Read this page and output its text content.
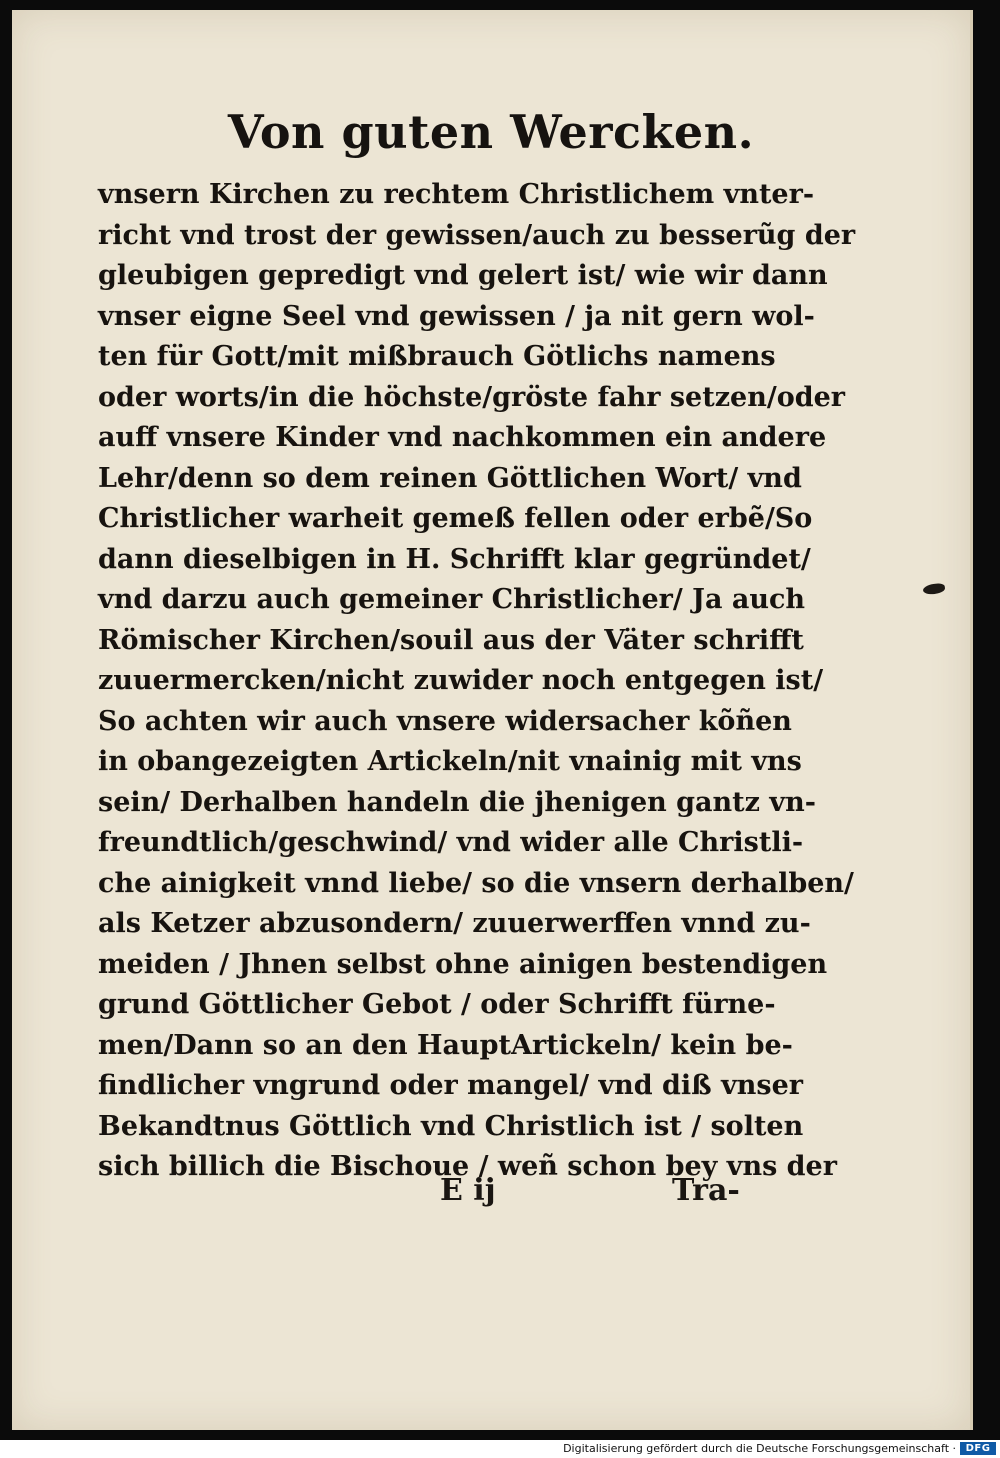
Von guten Wercken.
vnsern Kirchen zu rechtem Christlichem vnter-
richt vnd trost der gewissen/auch zu besserũg der
gleubigen gepredigt vnd gelert ist/ wie wir dann
vnser eigne Seel vnd gewissen / ja nit gern wol-
ten für Gott/mit mißbrauch Götlichs namens
oder worts/in die höchste/gröste fahr setzen/oder
auff vnsere Kinder vnd nachkommen ein andere
Lehr/denn so dem reinen Göttlichen Wort/ vnd
Christlicher warheit gemeß fellen oder erbẽ/So
dann dieselbigen in H. Schrifft klar gegründet/
vnd darzu auch gemeiner Christlicher/ Ja auch
Römischer Kirchen/souil aus der Väter schrifft
zuuermercken/nicht zuwider noch entgegen ist/
So achten wir auch vnsere widersacher kõñen
in obangezeigten Artickeln/nit vnainig mit vns
sein/ Derhalben handeln die jhenigen gantz vn-
freundtlich/geschwind/ vnd wider alle Christli-
che ainigkeit vnnd liebe/ so die vnsern derhalben/
als Ketzer abzusondern/ zuuerwerffen vnnd zu-
meiden / Jhnen selbst ohne ainigen bestendigen
grund Göttlicher Gebot / oder Schrifft fürne-
men/Dann so an den HauptArtickeln/ kein be-
findlicher vngrund oder mangel/ vnd diß vnser
Bekandtnus Göttlich vnd Christlich ist / solten
sich billich die Bischoue / weñ schon bey vns der
E ij	Tra-
Digitalisierung gefördert durch die Deutsche Forschungsgemeinschaft · DFG
